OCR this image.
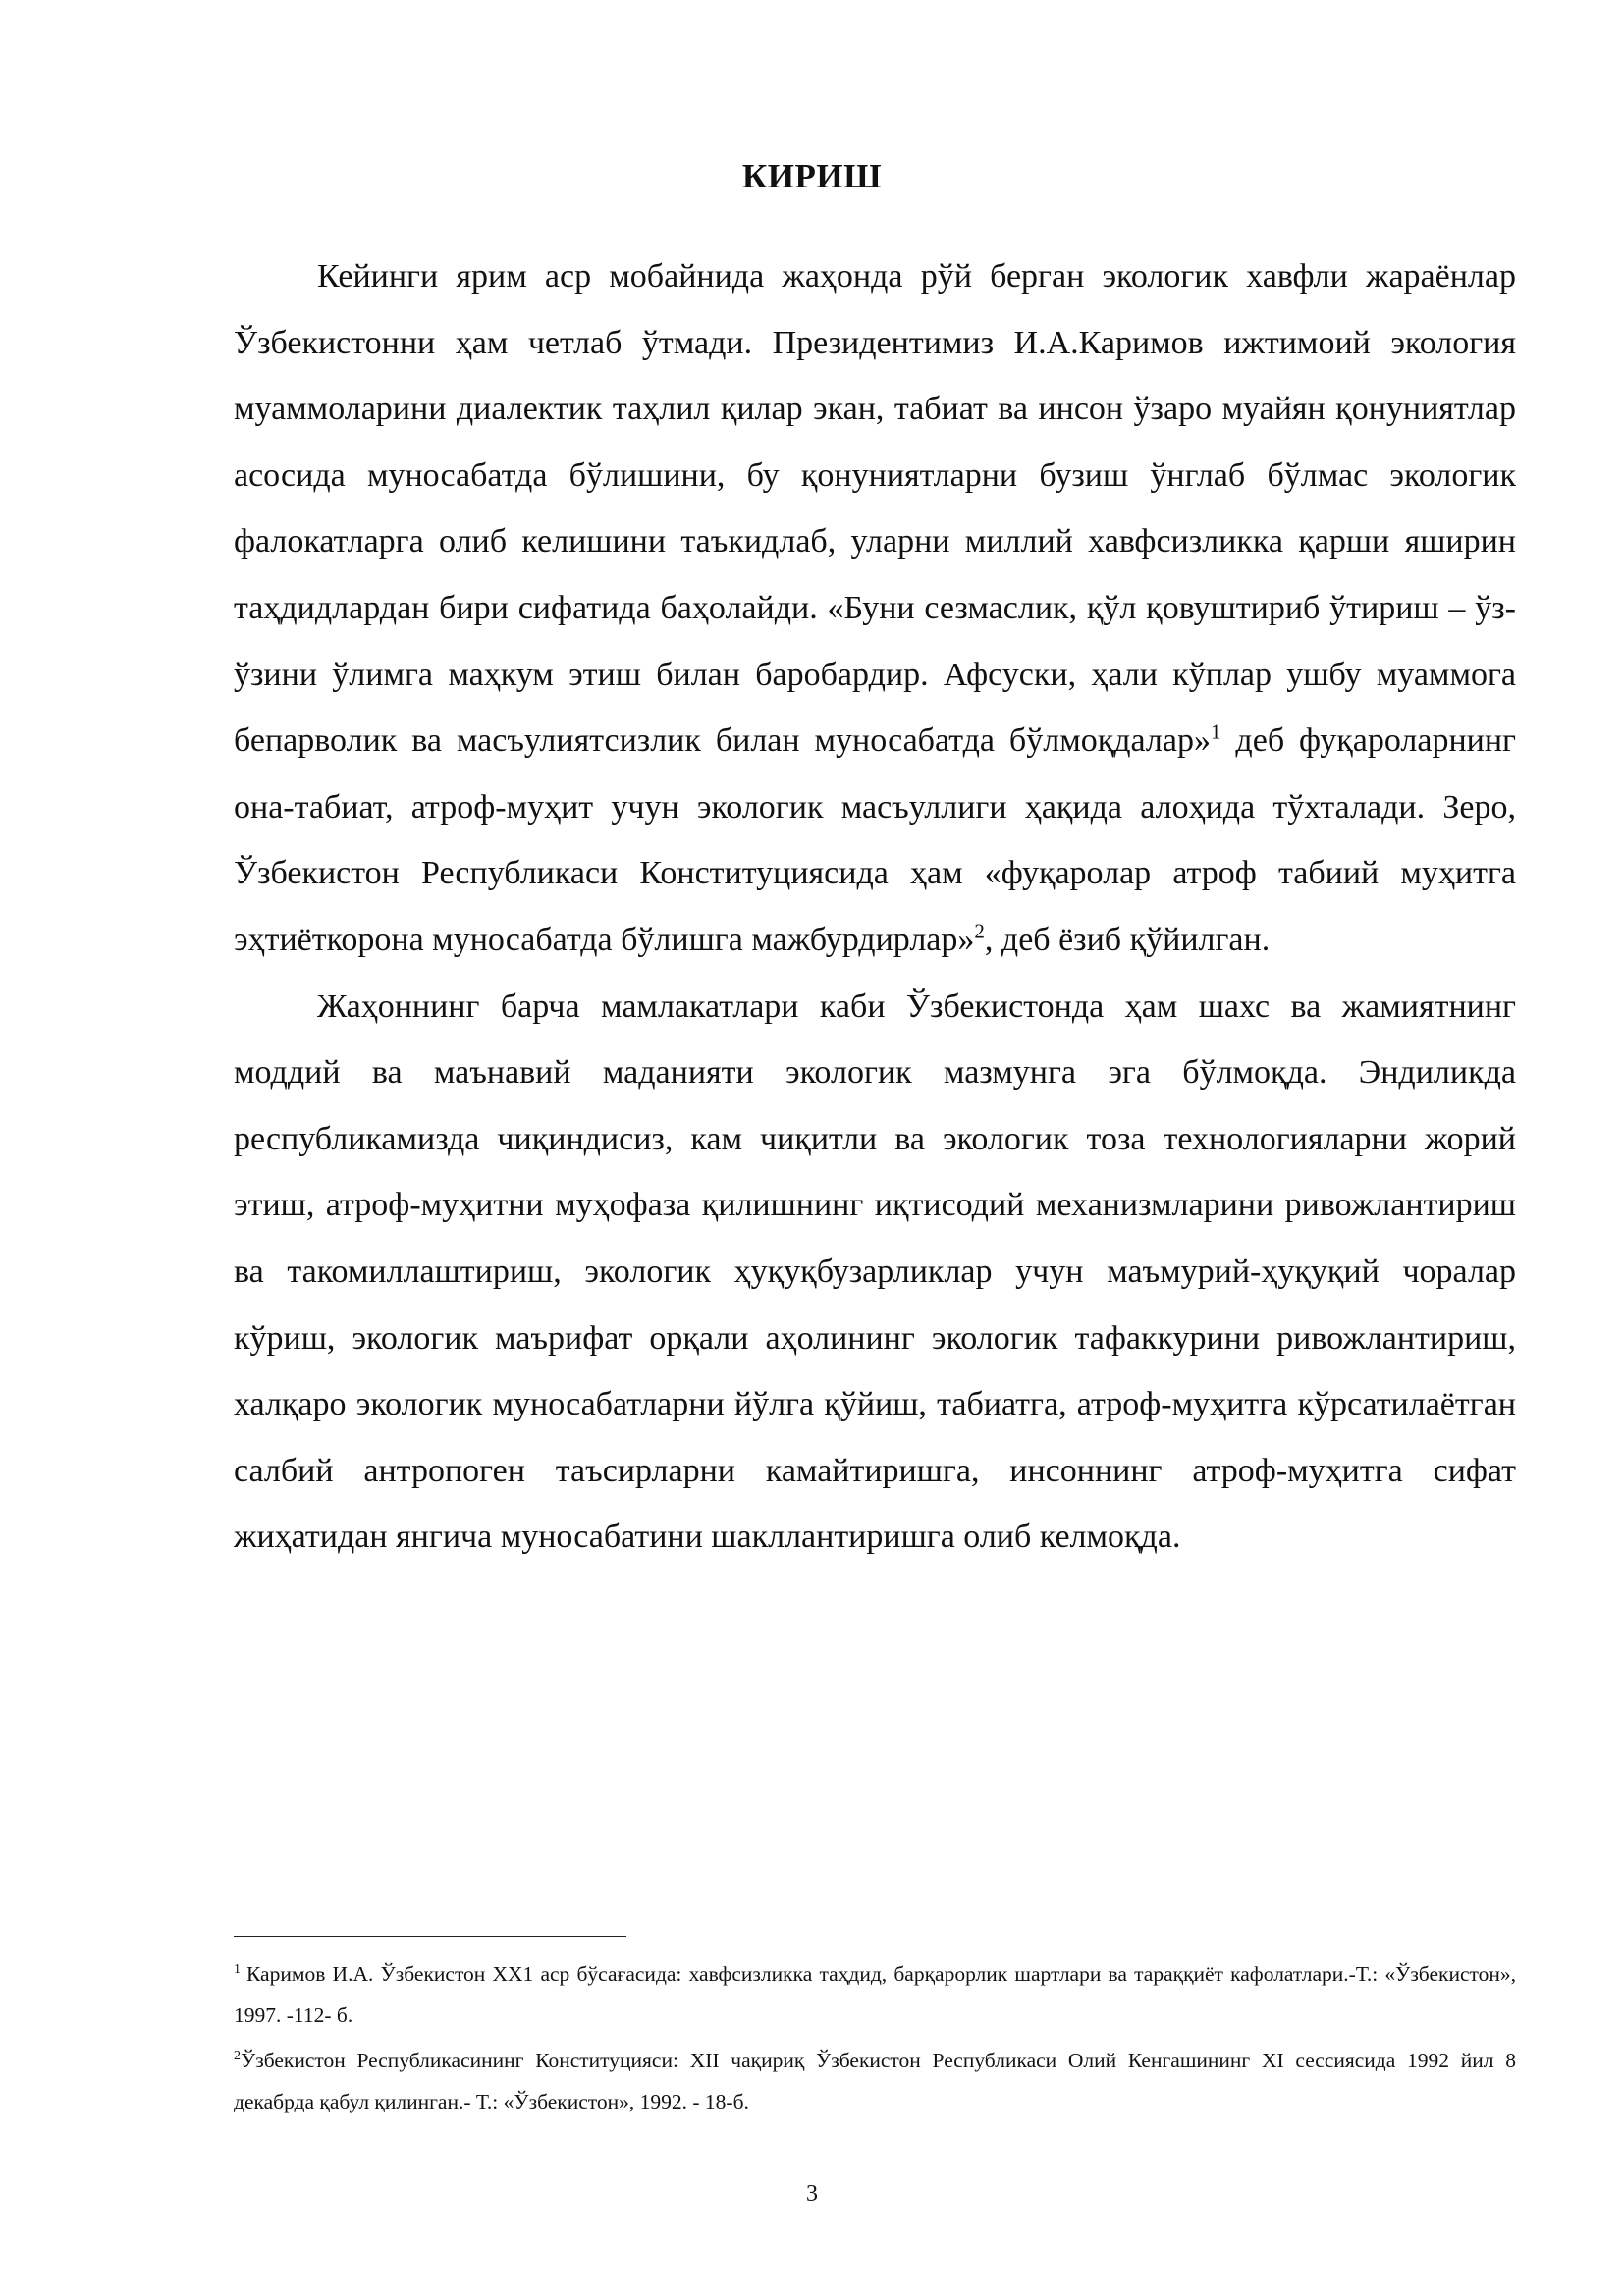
КИРИШ

Кейинги ярим аср мобайнида жаҳонда рўй берган экологик хавфли жараёнлар Ўзбекистонни ҳам четлаб ўтмади. Президентимиз И.А.Каримов ижтимоий экология муаммоларини диалектик таҳлил қилар экан, табиат ва инсон ўзаро муайян қонуниятлар асосида муносабатда бўлишини, бу қонуниятларни бузиш ўнглаб бўлмас экологик фалокатларга олиб келишини таъкидлаб, уларни миллий хавфсизликка қарши яширин таҳдидлардан бири сифатида баҳолайди. «Буни сезмаслик, қўл қовуштириб ўтириш – ўз-ўзини ўлимга маҳкум этиш билан баробардир. Афсуски, ҳали кўплар ушбу муаммога бепарволик ва масъулиятсизлик билан муносабатда бўлмоқдалар»$^1$ деб фуқароларнинг она-табиат, атроф-муҳит учун экологик масъуллиги ҳақида алоҳида тўхталади. Зеро, Ўзбекистон Республикаси Конституциясида ҳам «фуқаролар атроф табиий муҳитга эҳтиёткорона муносабатда бўлишга мажбурдирлар»$^2$, деб ёзиб қўйилган.

Жаҳоннинг барча мамлакатлари каби Ўзбекистонда ҳам шахс ва жамиятнинг моддий ва маънавий маданияти экологик мазмунга эга бўлмоқда. Эндиликда республикамизда чиқиндисиз, кам чиқитли ва экологик тоза технологияларни жорий этиш, атроф-муҳитни муҳофаза қилишнинг иқтисодий механизмларини ривожлантириш ва такомиллаштириш, экологик ҳуқуқбузарликлар учун маъмурий-ҳуқуқий чоралар кўриш, экологик маърифат орқали аҳолининг экологик тафаккурини ривожлантириш, халқаро экологик муносабатларни йўлга қўйиш, табиатга, атроф-муҳитга кўрсатилаётган салбий антропоген таъсирларни камайтиришга, инсоннинг атроф-муҳитга сифат жиҳатидан янгича муносабатини шакллантиришга олиб келмоқда.

$^1$ Каримов И.А. Ўзбекистон XX1 аср бўсағасида: хавфсизликка таҳдид, барқарорлик шартлари ва тараққиёт кафолатлари.-Т.: «Ўзбекистон», 1997. -112- б.

$^2$Ўзбекистон Республикасининг Конституцияси: XII чақириқ Ўзбекистон Республикаси Олий Кенгашининг XI сессиясида 1992 йил 8 декабрда қабул қилинган.- Т.: «Ўзбекистон», 1992. - 18-б.

3
